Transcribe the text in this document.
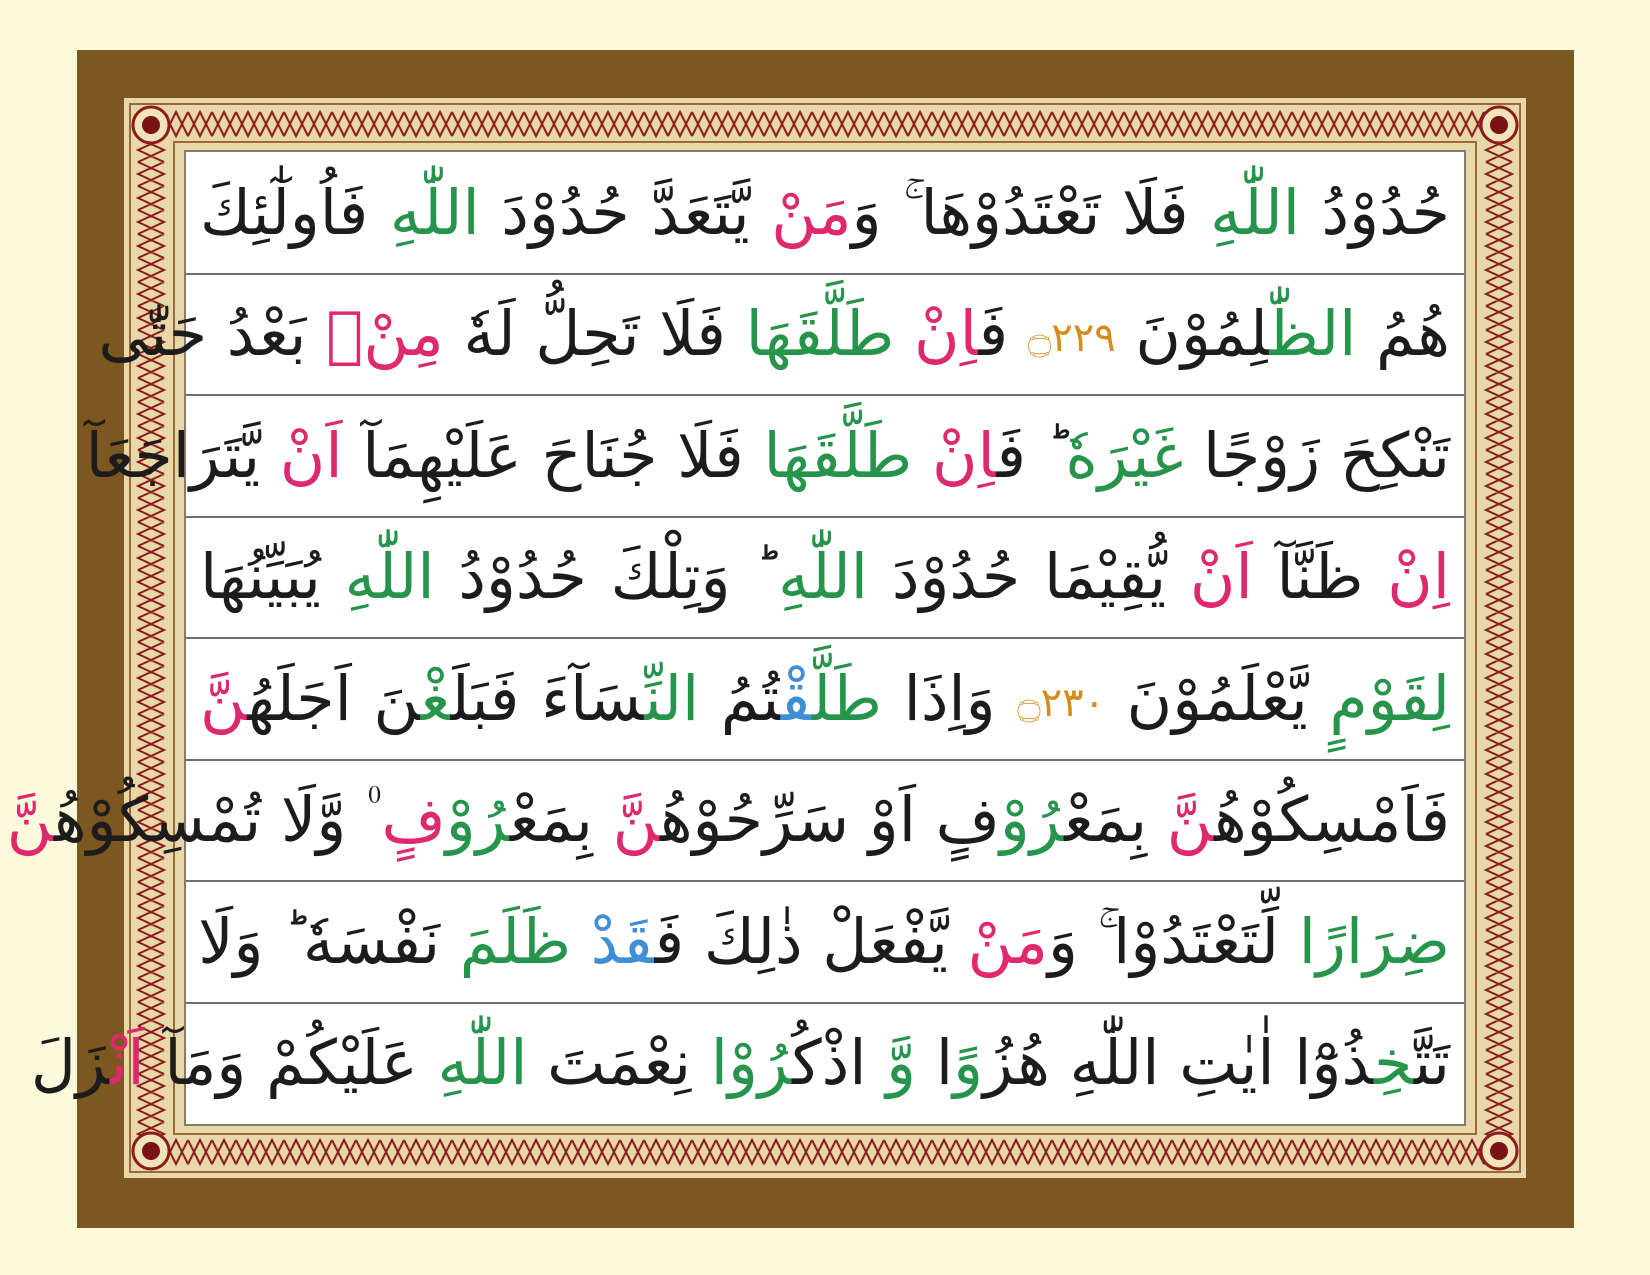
حُدُوْدُ اللّٰهِ فَلَا تَعْتَدُوْهَا ۚ وَمَنْ يَّتَعَدَّ حُدُوْدَ اللّٰهِ فَاُولٰٓئِكَ
هُمُ الظّٰلِمُوْنَ ۝٢٢٩ فَاِنْ طَلَّقَهَا فَلَا تَحِلُّ لَهٗ مِنْۢ بَعْدُ حَتّٰى
تَنْكِحَ زَوْجًا غَيْرَهٗ ؕ فَاِنْ طَلَّقَهَا فَلَا جُنَاحَ عَلَيْهِمَآ اَنْ يَّتَرَاجَعَآ
اِنْ ظَنَّآ اَنْ يُّقِيْمَا حُدُوْدَ اللّٰهِ ؕ وَتِلْكَ حُدُوْدُ اللّٰهِ يُبَيِّنُهَا
لِقَوْمٍ يَّعْلَمُوْنَ ۝٢٣٠ وَاِذَا طَلَّقْتُمُ النِّسَآءَ فَبَلَغْنَ اَجَلَهُنَّ
فَاَمْسِكُوْهُنَّ بِمَعْرُوْفٍ اَوْ سَرِّحُوْهُنَّ بِمَعْرُوْفٍ ۠ وَّلَا تُمْسِكُوْهُنَّ
ضِرَارًا لِّتَعْتَدُوْا ۚ وَمَنْ يَّفْعَلْ ذٰلِكَ فَقَدْ ظَلَمَ نَفْسَهٗ ؕ وَلَا
تَتَّخِذُوْٓا اٰيٰتِ اللّٰهِ هُزُوًا وَّ اذْكُرُوْا نِعْمَتَ اللّٰهِ عَلَيْكُمْ وَمَآ اَنْزَلَ
